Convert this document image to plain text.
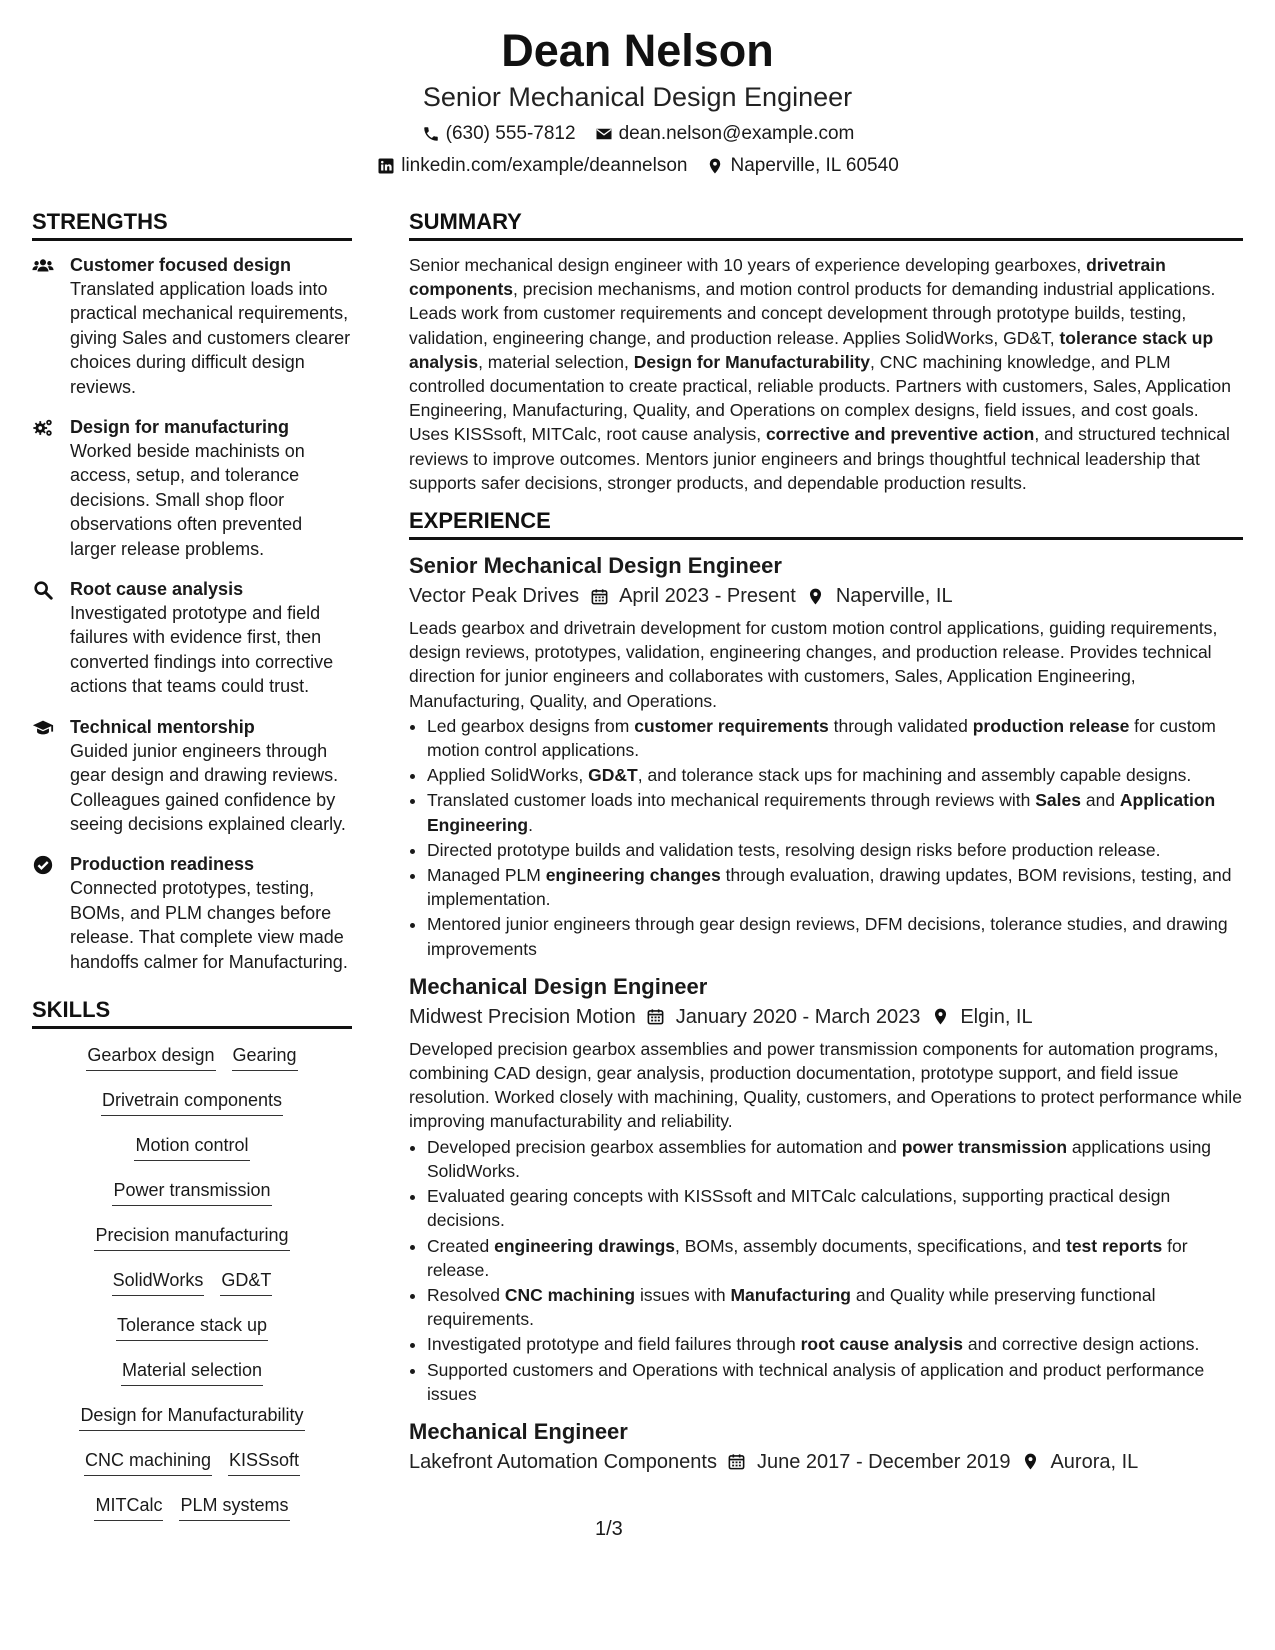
Dean Nelson
Senior Mechanical Design Engineer
(630) 555-7812 dean.nelson@example.com
linkedin.com/example/deannelson Naperville, IL 60540
STRENGTHS
Customer focused design
Translated application loads into practical mechanical requirements, giving Sales and customers clearer choices during difficult design reviews.
Design for manufacturing
Worked beside machinists on access, setup, and tolerance decisions. Small shop floor observations often prevented larger release problems.
Root cause analysis
Investigated prototype and field failures with evidence first, then converted findings into corrective actions that teams could trust.
Technical mentorship
Guided junior engineers through gear design and drawing reviews. Colleagues gained confidence by seeing decisions explained clearly.
Production readiness
Connected prototypes, testing, BOMs, and PLM changes before release. That complete view made handoffs calmer for Manufacturing.
SKILLS
Gearbox design Gearing
Drivetrain components
Motion control
Power transmission
Precision manufacturing
SolidWorks GD&T
Tolerance stack up
Material selection
Design for Manufacturability
CNC machining KISSsoft
MITCalc PLM systems
SUMMARY
Senior mechanical design engineer with 10 years of experience developing gearboxes, drivetrain components, precision mechanisms, and motion control products for demanding industrial applications. Leads work from customer requirements and concept development through prototype builds, testing, validation, engineering change, and production release. Applies SolidWorks, GD&T, tolerance stack up analysis, material selection, Design for Manufacturability, CNC machining knowledge, and PLM controlled documentation to create practical, reliable products. Partners with customers, Sales, Application Engineering, Manufacturing, Quality, and Operations on complex designs, field issues, and cost goals. Uses KISSsoft, MITCalc, root cause analysis, corrective and preventive action, and structured technical reviews to improve outcomes. Mentors junior engineers and brings thoughtful technical leadership that supports safer decisions, stronger products, and dependable production results.
EXPERIENCE
Senior Mechanical Design Engineer
Vector Peak Drives April 2023 - Present Naperville, IL
Leads gearbox and drivetrain development for custom motion control applications, guiding requirements, design reviews, prototypes, validation, engineering changes, and production release. Provides technical direction for junior engineers and collaborates with customers, Sales, Application Engineering, Manufacturing, Quality, and Operations.
• Led gearbox designs from customer requirements through validated production release for custom motion control applications.
• Applied SolidWorks, GD&T, and tolerance stack ups for machining and assembly capable designs.
• Translated customer loads into mechanical requirements through reviews with Sales and Application Engineering.
• Directed prototype builds and validation tests, resolving design risks before production release.
• Managed PLM engineering changes through evaluation, drawing updates, BOM revisions, testing, and implementation.
• Mentored junior engineers through gear design reviews, DFM decisions, tolerance studies, and drawing improvements
Mechanical Design Engineer
Midwest Precision Motion January 2020 - March 2023 Elgin, IL
Developed precision gearbox assemblies and power transmission components for automation programs, combining CAD design, gear analysis, production documentation, prototype support, and field issue resolution. Worked closely with machining, Quality, customers, and Operations to protect performance while improving manufacturability and reliability.
• Developed precision gearbox assemblies for automation and power transmission applications using SolidWorks.
• Evaluated gearing concepts with KISSsoft and MITCalc calculations, supporting practical design decisions.
• Created engineering drawings, BOMs, assembly documents, specifications, and test reports for release.
• Resolved CNC machining issues with Manufacturing and Quality while preserving functional requirements.
• Investigated prototype and field failures through root cause analysis and corrective design actions.
• Supported customers and Operations with technical analysis of application and product performance issues
Mechanical Engineer
Lakefront Automation Components June 2017 - December 2019 Aurora, IL
1/3
